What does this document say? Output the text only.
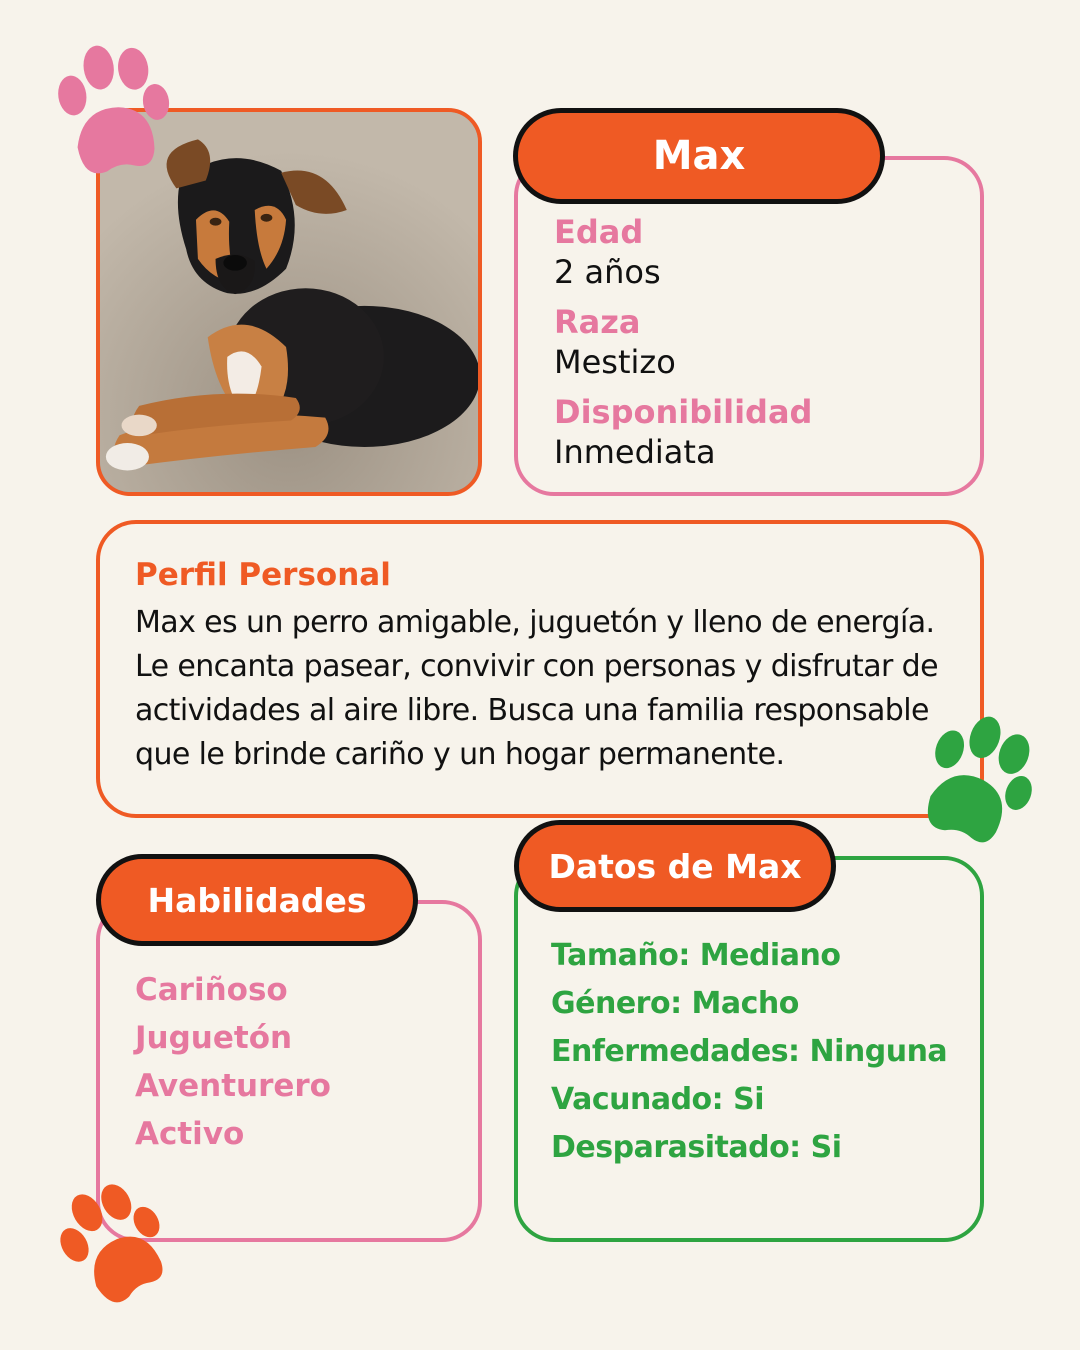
Max
Edad
2 años
Raza
Mestizo
Disponibilidad
Inmediata
Perfil Personal
Max es un perro amigable, juguetón y lleno de energía. Le encanta pasear, convivir con personas y disfrutar de actividades al aire libre. Busca una familia responsable que le brinde cariño y un hogar permanente.
Habilidades
Cariñoso
Juguetón
Aventurero
Activo
Datos de Max
Tamaño: Mediano
Género: Macho
Enfermedades: Ninguna
Vacunado: Si
Desparasitado: Si
